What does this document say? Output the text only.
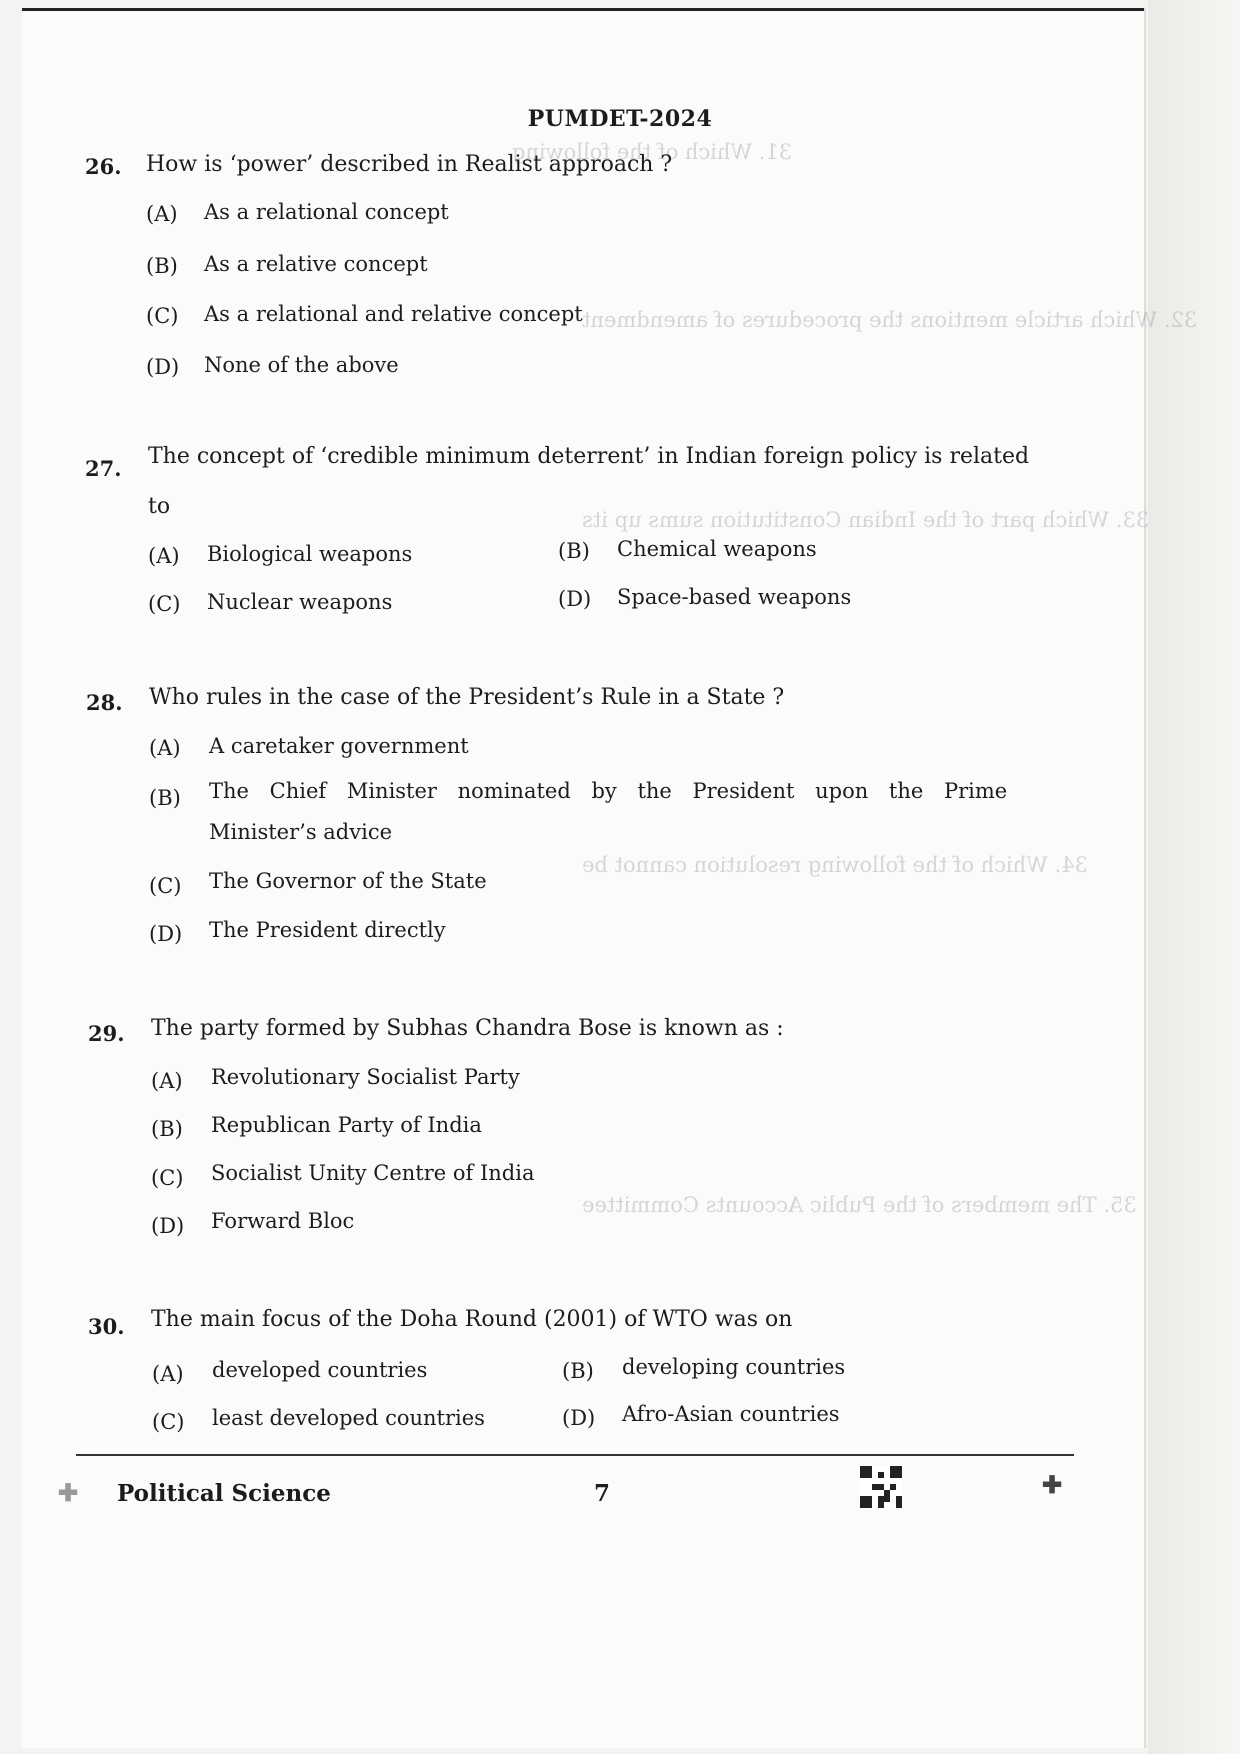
31. Which of the following
32. Which article mentions the procedures of amendment
33. Which part of the Indian Constitution sums up its
34. Which of the following resolution cannot be
35. The members of the Public Accounts Committee
PUMDET-2024
26. How is ‘power’ described in Realist approach ?
(A) As a relational concept
(B) As a relative concept
(C) As a relational and relative concept
(D) None of the above
27. The concept of ‘credible minimum deterrent’ in Indian foreign policy is related
to
(A) Biological weapons	(B) Chemical weapons
(C) Nuclear weapons	(D) Space-based weapons
28. Who rules in the case of the President’s Rule in a State ?
(A) A caretaker government
(B) The Chief Minister nominated by the President upon the Prime
Minister’s advice
(C) The Governor of the State
(D) The President directly
29. The party formed by Subhas Chandra Bose is known as :
(A) Revolutionary Socialist Party
(B) Republican Party of India
(C) Socialist Unity Centre of India
(D) Forward Bloc
30. The main focus of the Doha Round (2001) of WTO was on
(A) developed countries	(B) developing countries
(C) least developed countries	(D) Afro-Asian countries
✚ Political Science	7	✚
